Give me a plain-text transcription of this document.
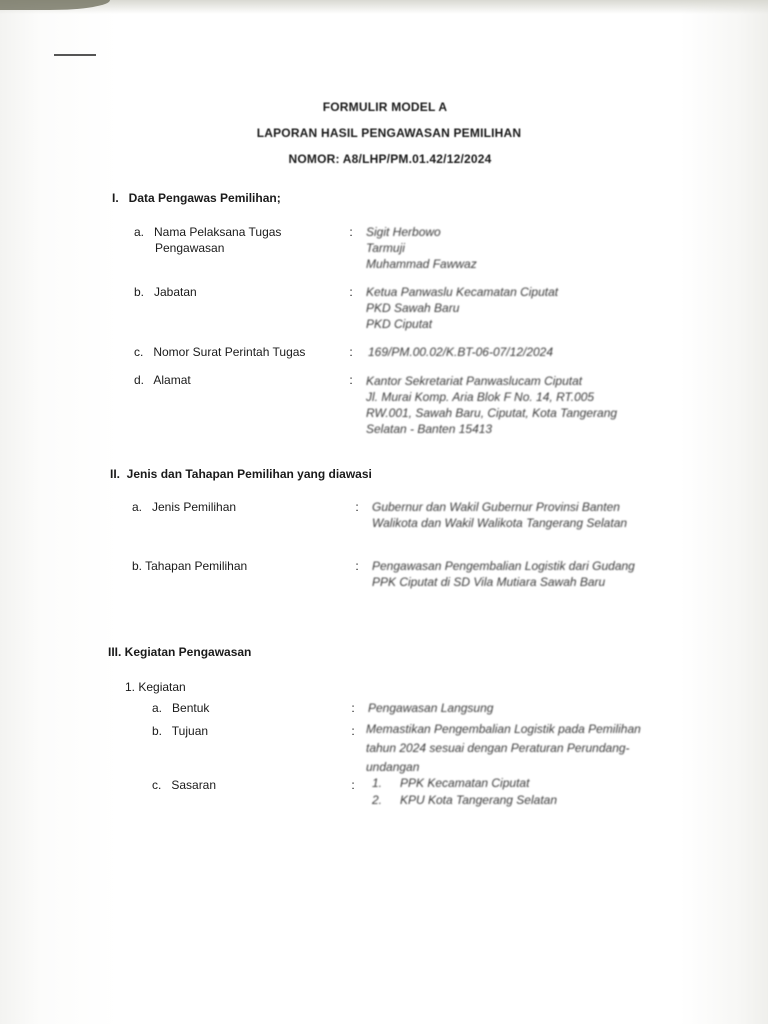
FORMULIR MODEL A
LAPORAN HASIL PENGAWASAN PEMILIHAN
NOMOR: A8/LHP/PM.01.42/12/2024
I.   Data Pengawas Pemilihan;
a.   Nama Pelaksana Tugas
Pengawasan
: Sigit Herbowo
Tarmuji
Muhammad Fawwaz
b.   Jabatan	: Ketua Panwaslu Kecamatan Ciputat
PKD Sawah Baru
PKD Ciputat
c.   Nomor Surat Perintah Tugas	: 169/PM.00.02/K.BT-06-07/12/2024
d.   Alamat	: Kantor Sekretariat Panwaslucam Ciputat
Jl. Murai Komp. Aria Blok F No. 14, RT.005
RW.001, Sawah Baru, Ciputat, Kota Tangerang
Selatan - Banten 15413
II.  Jenis dan Tahapan Pemilihan yang diawasi
a.   Jenis Pemilihan	: Gubernur dan Wakil Gubernur Provinsi Banten
Walikota dan Wakil Walikota Tangerang Selatan
b. Tahapan Pemilihan	: Pengawasan Pengembalian Logistik dari Gudang
PPK Ciputat di SD Vila Mutiara Sawah Baru
III. Kegiatan Pengawasan
1. Kegiatan
a.   Bentuk	: Pengawasan Langsung
b.   Tujuan	: Memastikan Pengembalian Logistik pada Pemilihan
tahun 2024 sesuai dengan Peraturan Perundang-
undangan
c.   Sasaran	: 1. PPK Kecamatan Ciputat
2. KPU Kota Tangerang Selatan
